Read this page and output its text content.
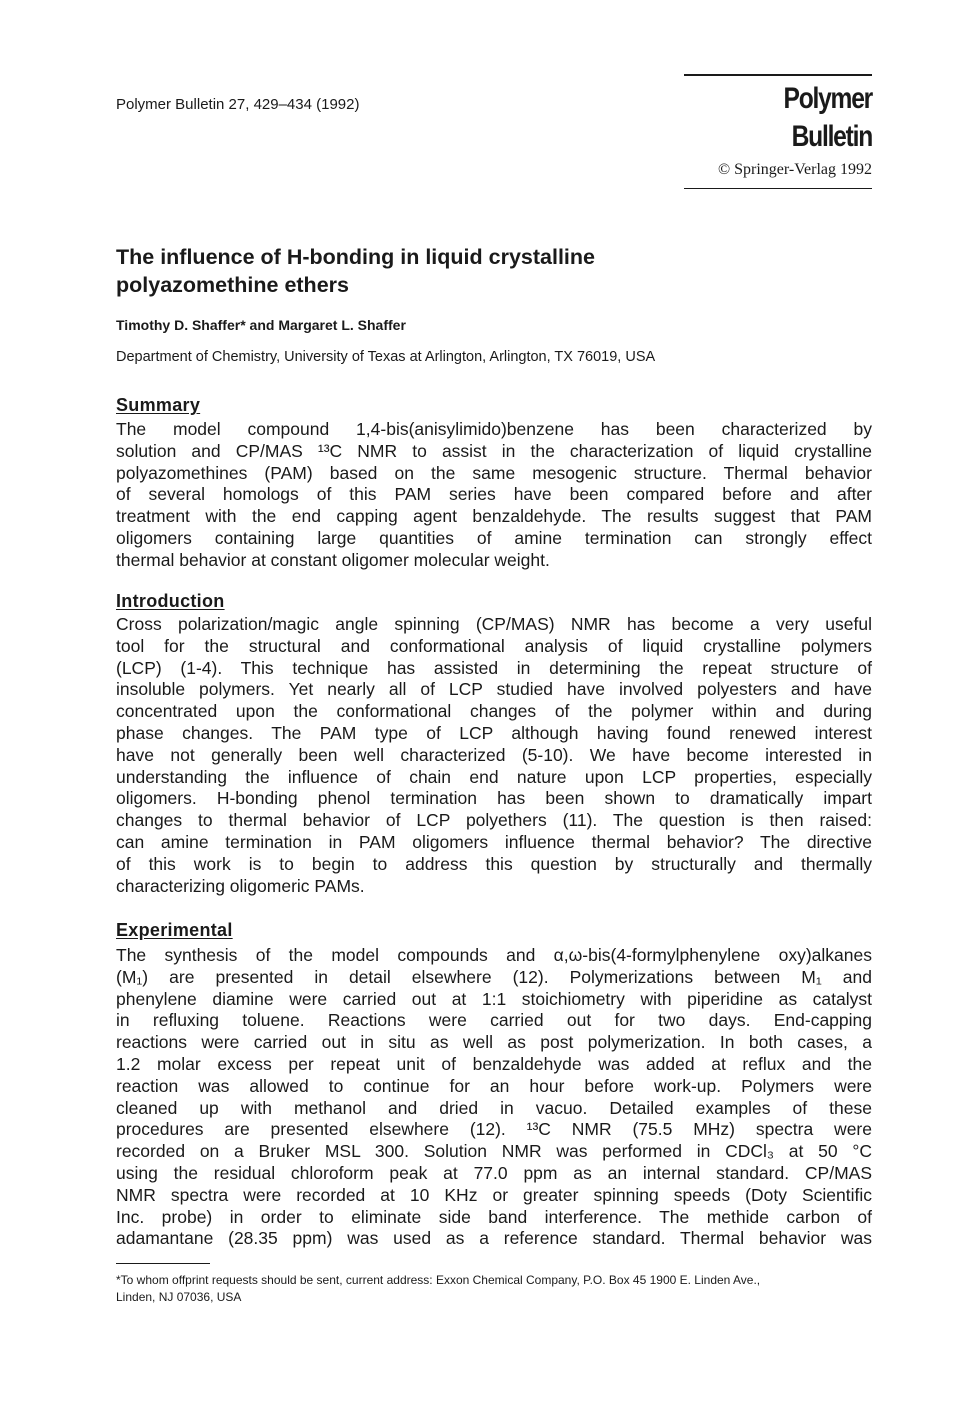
Polymer Bulletin 27, 429–434 (1992)	Polymer Bulletin
© Springer-Verlag 1992
The influence of H-bonding in liquid crystalline
polyazomethine ethers
Timothy D. Shaffer* and Margaret L. Shaffer
Department of Chemistry, University of Texas at Arlington, Arlington, TX 76019, USA
Summary
The model compound 1,4-bis(anisylimido)benzene has been characterized by
solution and CP/MAS ¹³C NMR to assist in the characterization of liquid crystalline
polyazomethines (PAM) based on the same mesogenic structure. Thermal behavior
of several homologs of this PAM series have been compared before and after
treatment with the end capping agent benzaldehyde. The results suggest that PAM
oligomers containing large quantities of amine termination can strongly effect
thermal behavior at constant oligomer molecular weight.
Introduction
Cross polarization/magic angle spinning (CP/MAS) NMR has become a very useful
tool for the structural and conformational analysis of liquid crystalline polymers
(LCP) (1-4). This technique has assisted in determining the repeat structure of
insoluble polymers. Yet nearly all of LCP studied have involved polyesters and have
concentrated upon the conformational changes of the polymer within and during
phase changes. The PAM type of LCP although having found renewed interest
have not generally been well characterized (5-10). We have become interested in
understanding the influence of chain end nature upon LCP properties, especially
oligomers. H-bonding phenol termination has been shown to dramatically impart
changes to thermal behavior of LCP polyethers (11). The question is then raised:
can amine termination in PAM oligomers influence thermal behavior? The directive
of this work is to begin to address this question by structurally and thermally
characterizing oligomeric PAMs.
Experimental
The synthesis of the model compounds and α,ω-bis(4-formylphenylene oxy)alkanes
(M₁) are presented in detail elsewhere (12). Polymerizations between M₁ and
phenylene diamine were carried out at 1:1 stoichiometry with piperidine as catalyst
in refluxing toluene. Reactions were carried out for two days. End-capping
reactions were carried out in situ as well as post polymerization. In both cases, a
1.2 molar excess per repeat unit of benzaldehyde was added at reflux and the
reaction was allowed to continue for an hour before work-up. Polymers were
cleaned up with methanol and dried in vacuo. Detailed examples of these
procedures are presented elsewhere (12). ¹³C NMR (75.5 MHz) spectra were
recorded on a Bruker MSL 300. Solution NMR was performed in CDCl₃ at 50 °C
using the residual chloroform peak at 77.0 ppm as an internal standard. CP/MAS
NMR spectra were recorded at 10 KHz or greater spinning speeds (Doty Scientific
Inc. probe) in order to eliminate side band interference. The methide carbon of
adamantane (28.35 ppm) was used as a reference standard. Thermal behavior was
*To whom offprint requests should be sent, current address: Exxon Chemical Company, P.O. Box 45 1900 E. Linden Ave.,
Linden, NJ 07036, USA
